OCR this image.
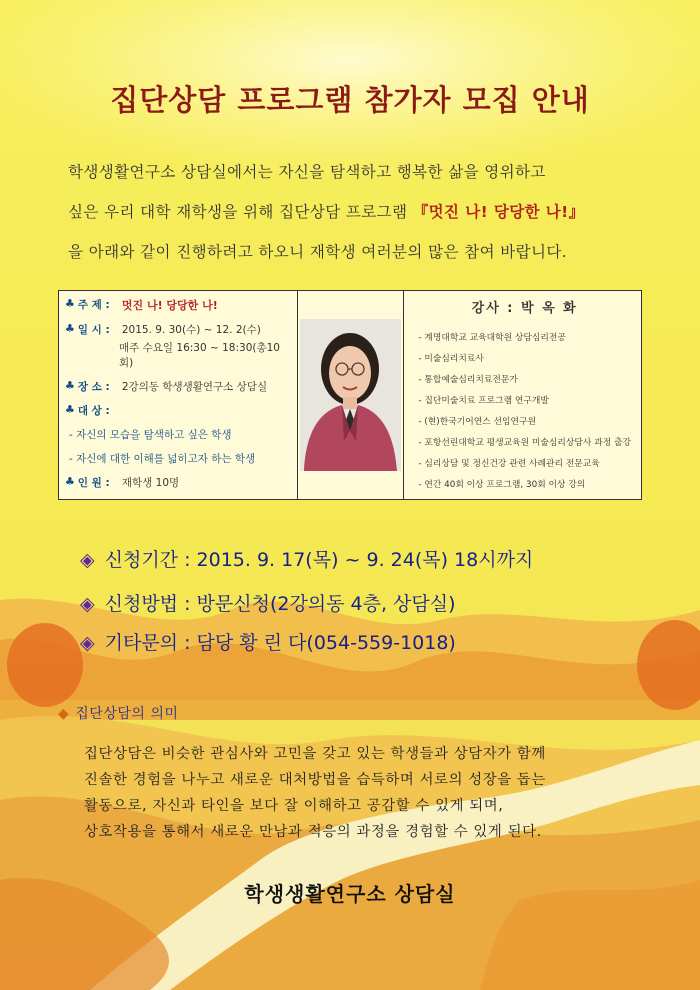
집단상담 프로그램 참가자 모집 안내
학생생활연구소 상담실에서는 자신을 탐색하고 행복한 삶을 영위하고
싶은 우리 대학 재학생을 위해 집단상담 프로그램 『멋진 나! 당당한 나!』
을 아래와 같이 진행하려고 하오니 재학생 여러분의 많은 참여 바랍니다.
♣ 주 제 :	멋진 나! 당당한 나!
♣ 일 시 :	2015. 9. 30(수) ~ 12. 2(수)
매주 수요일 16:30 ~ 18:30(총10회)
♣ 장 소 :	2강의동 학생생활연구소 상담실
♣ 대 상 :
- 자신의 모습을 탐색하고 싶은 학생
- 자신에 대한 이해를 넓히고자 하는 학생
♣ 인 원 :	재학생 10명
강사 : 박 옥 화
- 계명대학교 교육대학원 상담심리전공
- 미술심리치료사
- 통합예술심리치료전문가
- 집단미술치료 프로그램 연구개발
- (현)한국기어연스 선임연구원
- 포항선린대학교 평생교육원 미술심리상담사 과정 출강
- 심리상담 및 정신건강 관련 사례관리 전문교육
- 연간 40회 이상 프로그램, 30회 이상 강의
◈ 신청기간 : 2015. 9. 17(목) ~ 9. 24(목) 18시까지
◈ 신청방법 : 방문신청(2강의동 4층, 상담실)
◈ 기타문의 : 담당 황 린 다(054-559-1018)
◆ 집단상담의 의미
집단상담은 비슷한 관심사와 고민을 갖고 있는 학생들과 상담자가 함께
진솔한 경험을 나누고 새로운 대처방법을 습득하며 서로의 성장을 돕는
활동으로, 자신과 타인을 보다 잘 이해하고 공감할 수 있게 되며,
상호작용을 통해서 새로운 만남과 적응의 과정을 경험할 수 있게 된다.
학생생활연구소 상담실
